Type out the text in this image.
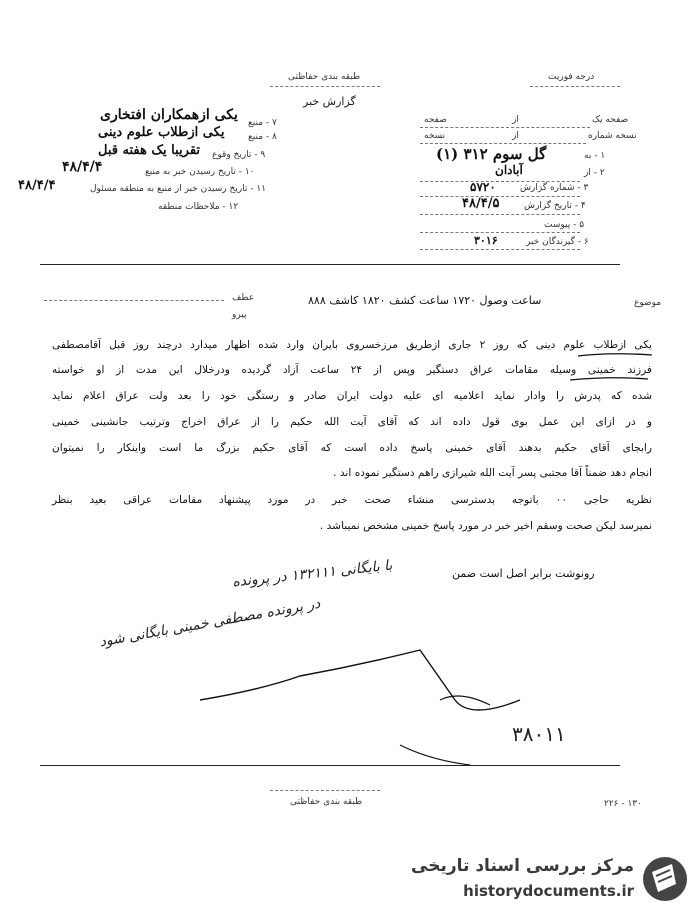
درجه فوریت
طبقه بندی حفاظتی
گزارش خبر
صفحه یک
از
صفحه
نسخه شماره
از
نسخه
۱ - به
گل سوم ۳۱۲ (۱)
۲ - از
آبادان
۳ - شماره گزارش
۵۷۲۰
۴ - تاریخ گزارش
۴۸/۴/۵
۵ - پیوست
۶ - گیرندگان خبر
۳۰۱۶
۷ - منبع
یکی ازهمکاران افتخاری
۸ - منبع
یکی ازطلاب علوم دینی
۹ - تاریخ وقوع
تقریبا یک هفته قبل
۱۰ - تاریخ رسیدن خبر به منبع
۴۸/۴/۴
۱۱ - تاریخ رسیدن خبر از منبع به منطقه مسئول
۴۸/۴/۴
۱۲ - ملاحظات منطقه
موضوع
ساعت وصول ۱۷۲۰ ساعت کشف ۱۸۲۰ کاشف ۸۸۸
عطف
پیرو
یکی ازطلاب علوم دینی که روز ۲ جاری ازطریق مرزخسروی بایران وارد شده اظهار میدارد درچند روز قبل آقامصطفی
فرزند خمینی وسیله مقامات عراق دستگیر وپس از ۲۴ ساعت آزاد گردیده ودرخلال این مدت از او خواسته
شده که پدرش را وادار نماید اعلامیه ای علیه دولت ایران صادر و رستگی خود را بعد ولت عراق اعلام نماید
و در ازای این عمل بوی قول داده اند که آقای آیت الله حکیم را از عراق اخراج وترتیب جانشینی خمینی
رابجای آقای حکیم بدهند آقای خمینی پاسخ داده است که آقای حکیم بزرگ ما است واینکار را نمیتوان
انجام دهد ضمناً آقا مجتبی پسر آیت الله شیرازی راهم دستگیر نموده اند .
نظریه حاجی ۰۰ باتوجه بدسترسی منشاء صحت خبر در مورد پیشنهاد مقامات عراقی بعید بنظر
نمیرسد لیکن صحت وسقم اخیر خبر در مورد پاسخ خمینی مشخص نمیباشد .
رونوشت برابر اصل است ضمن
با بایگانی ۱۳۲۱۱۱ در پرونده
در پرونده مصطفی خمینی بایگانی شود
۳۸۰۱۱
طبقه بندی حفاظتی	۲۲۶ - ۱۳۰
مرکز بررسی اسناد تاریخی
historydocuments.ir
